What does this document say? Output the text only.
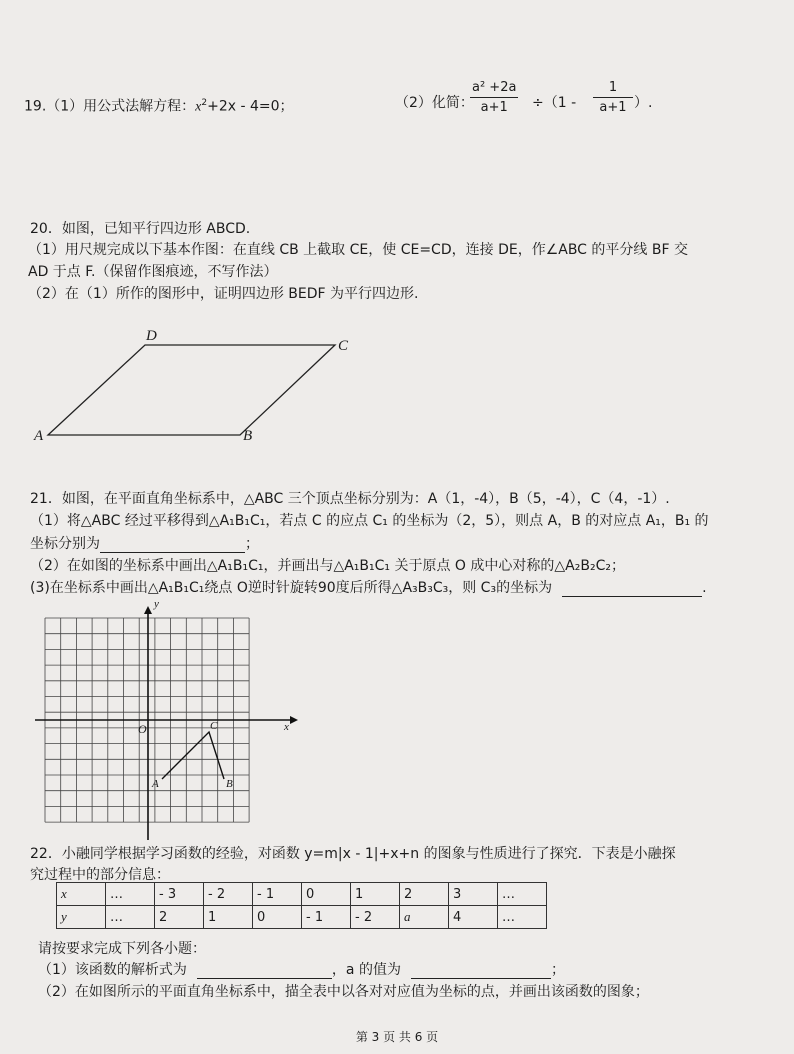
19.（1）用公式法解方程：$x^2+2x - 4=0$；	（2）化简：
a² +2a
a+1	÷（1 -
1
a+1 ）.
20．如图，已知平行四边形 ABCD.
（1）用尺规完成以下基本作图：在直线 CB 上截取 CE，使 CE=CD，连接 DE，作∠ABC 的平分线 BF 交
AD 于点 F.（保留作图痕迹，不写作法）
（2）在（1）所作的图形中，证明四边形 BEDF 为平行四边形.
D
C
A	B
21．如图，在平面直角坐标系中，△ABC 三个顶点坐标分别为：A（1，-4），B（5，-4），C（4，-1）.
（1）将△ABC 经过平移得到△A₁B₁C₁，若点 C 的应点 C₁ 的坐标为（2，5），则点 A，B 的对应点 A₁，B₁ 的
坐标分别为	；
（2）在如图的坐标系中画出△A₁B₁C₁，并画出与△A₁B₁C₁ 关于原点 O 成中心对称的△A₂B₂C₂；
(3)在坐标系中画出△A₁B₁C₁绕点 O逆时针旋转90度后所得△A₃B₃C₃，则 C₃的坐标为	.
y
x
O	C
A	B
22．小融同学根据学习函数的经验，对函数 y=m|x - 1|+x+n 的图象与性质进行了探究．下表是小融探
究过程中的部分信息：
x	…	- 3	- 2	- 1	0	1	2	3	…
y	…	2	1	0	- 1	- 2	a	4	…
请按要求完成下列各小题：
（1）该函数的解析式为	，a 的值为	；
（2）在如图所示的平面直角坐标系中，描全表中以各对对应值为坐标的点，并画出该函数的图象；
第 3 页 共 6 页
